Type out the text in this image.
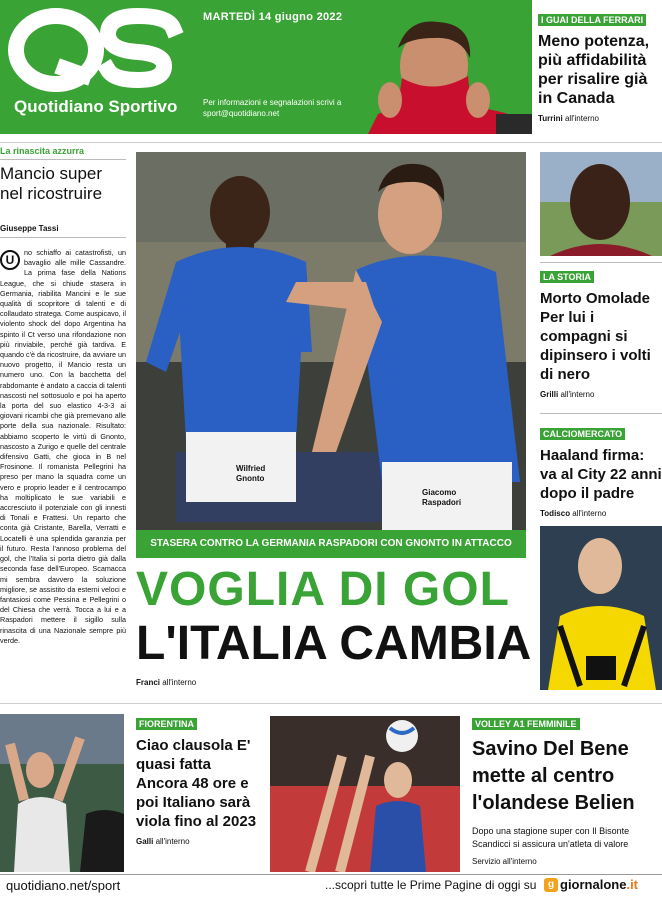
Quotidiano Sportivo
MARTEDÌ 14 giugno 2022
Per informazioni e segnalazioni scrivi a sport@quotidiano.net
I GUAI DELLA FERRARI
Meno potenza, più affidabilità per risalire già in Canada
Turrini all'interno
La rinascita azzurra
Mancio super nel ricostruire
Giuseppe Tassi
U
no schiaffo ai catastrofisti, un bavaglio alle mille Cassandre. La prima fase della Nations League, che si chiude stasera in Germania, riabilita Mancini e le sue qualità di scopritore di talenti e di collaudato stratega. Come auspicavo, il violento shock del dopo Argentina ha spinto il Ct verso una rifondazione non più rinviabile, perché già tardiva. E quando c'è da ricostruire, da avviare un nuovo progetto, il Mancio resta un numero uno. Con la bacchetta del rabdomante è andato a caccia di talenti nascosti nel sottosuolo e poi ha aperto la porta del suo elastico 4-3-3 ai giovani ricambi che già premevano alle porte della sua nazionale. Risultato: abbiamo scoperto le virtù di Gnonto, nascosto a Zurigo e quelle del centrale difensivo Gatti, che gioca in B nel Frosinone. Il romanista Pellegrini ha preso per mano la squadra come un vero e proprio leader e il centrocampo ha moltiplicato le sue variabili e accresciuto il potenziale con gli innesti di Tonali e Frattesi. Un reparto che conta già Cristante, Barella, Verratti e Locatelli è una splendida garanzia per il futuro. Resta l'annoso problema del gol, che l'Italia si porta dietro già dalla seconda fase dell'Europeo. Scamacca mi sembra davvero la soluzione migliore, se assistito da esterni veloci e fantasiosi come Pessina e Pellegrini o del Chiesa che verrà. Tocca a lui e a Raspadori mettere il sigillo sulla rinascita di una Nazionale sempre più verde.
Wilfried Gnonto
Giacomo Raspadori
STASERA CONTRO LA GERMANIA RASPADORI CON GNONTO IN ATTACCO
VOGLIA DI GOL
L'ITALIA CAMBIA
Franci all'interno
LA STORIA
Morto Omolade Per lui i compagni si dipinsero i volti di nero
Grilli all'interno
CALCIOMERCATO
Haaland firma: va al City 22 anni dopo il padre
Todisco all'interno
FIORENTINA
Ciao clausola E' quasi fatta Ancora 48 ore e poi Italiano sarà viola fino al 2023
Galli all'interno
VOLLEY A1 FEMMINILE
Savino Del Bene mette al centro l'olandese Belien
Dopo una stagione super con Il Bisonte Scandicci si assicura un'atleta di valore
Servizio all'interno
quotidiano.net/sport	...scopri tutte le Prime Pagine di oggi su	g giornalone.it
